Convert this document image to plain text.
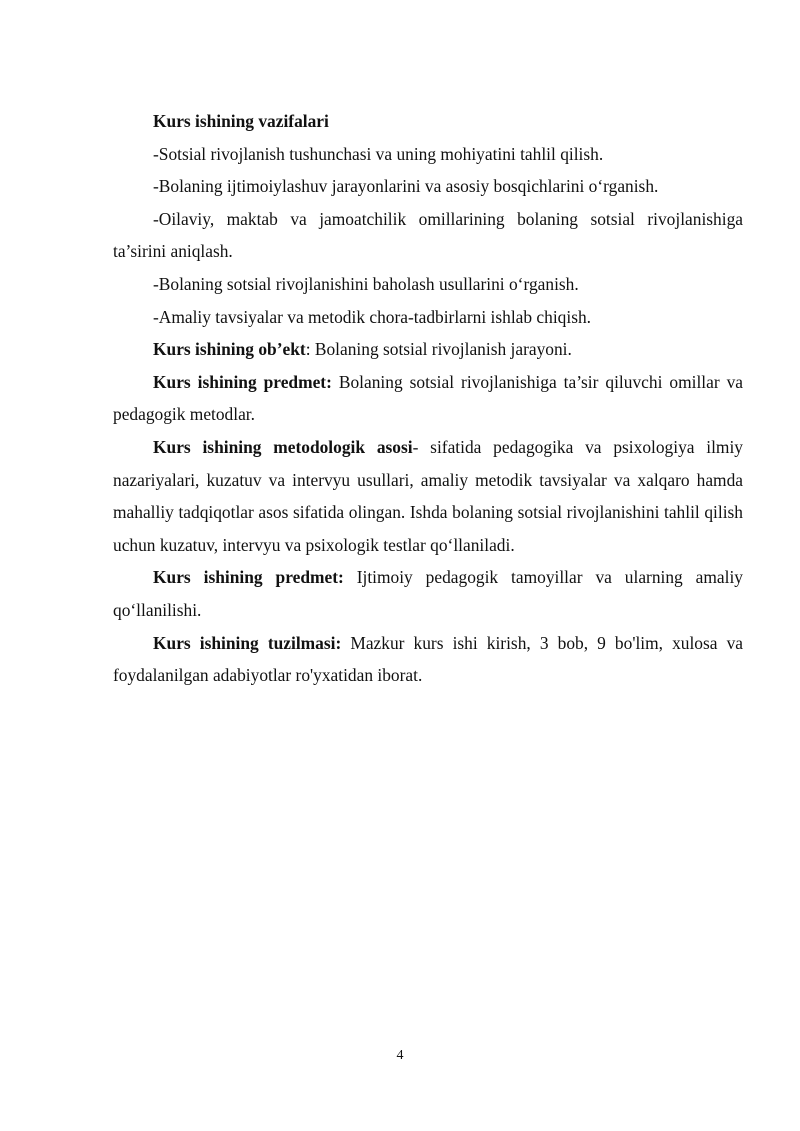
Kurs ishining vazifalari

-Sotsial rivojlanish tushunchasi va uning mohiyatini tahlil qilish.

-Bolaning ijtimoiylashuv jarayonlarini va asosiy bosqichlarini o‘rganish.

-Oilaviy, maktab va jamoatchilik omillarining bolaning sotsial rivojlanishiga ta’sirini aniqlash.

-Bolaning sotsial rivojlanishini baholash usullarini o‘rganish.

-Amaliy tavsiyalar va metodik chora-tadbirlarni ishlab chiqish.

Kurs ishining ob’ekt: Bolaning sotsial rivojlanish jarayoni.

Kurs ishining predmet: Bolaning sotsial rivojlanishiga ta’sir qiluvchi omillar va pedagogik metodlar.

Kurs ishining metodologik asosi- sifatida pedagogika va psixologiya ilmiy nazariyalari, kuzatuv va intervyu usullari, amaliy metodik tavsiyalar va xalqaro hamda mahalliy tadqiqotlar asos sifatida olingan. Ishda bolaning sotsial rivojlanishini tahlil qilish uchun kuzatuv, intervyu va psixologik testlar qo‘llaniladi.

Kurs ishining predmet: Ijtimoiy pedagogik tamoyillar va ularning amaliy qo‘llanilishi.

Kurs ishining tuzilmasi: Mazkur kurs ishi kirish, 3 bob, 9 bo'lim, xulosa va foydalanilgan adabiyotlar ro'yxatidan iborat.

4
